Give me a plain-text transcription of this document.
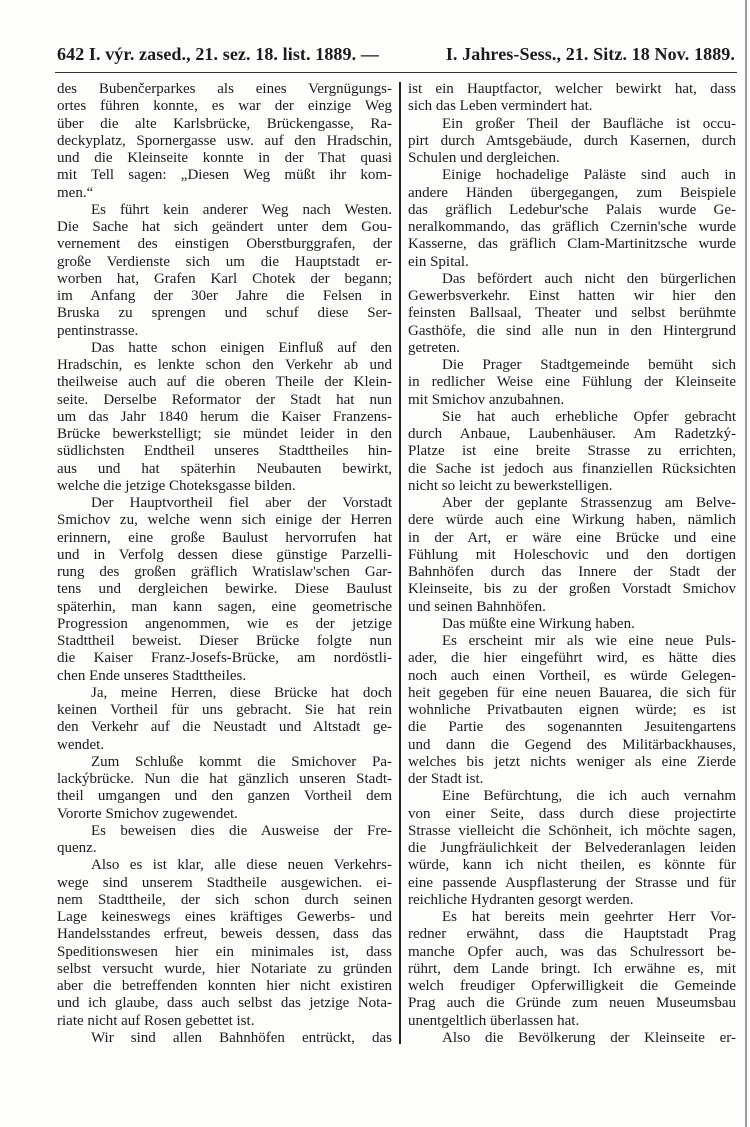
642 I. výr. zased., 21. sez. 18. list. 1889. —	I. Jahres-Sess., 21. Sitz. 18 Nov. 1889.
des Bubenčerparkes als eines Vergnügungs-
ortes führen konnte, es war der einzige Weg
über die alte Karlsbrücke, Brückengasse, Ra-
deckyplatz, Spornergasse usw. auf den Hradschin,
und die Kleinseite konnte in der That quasi
mit Tell sagen: „Diesen Weg müßt ihr kom-
men.“
Es führt kein anderer Weg nach Westen.
Die Sache hat sich geändert unter dem Gou-
vernement des einstigen Oberstburggrafen, der
große Verdienste sich um die Hauptstadt er-
worben hat, Grafen Karl Chotek der begann;
im Anfang der 30er Jahre die Felsen in
Bruska zu sprengen und schuf diese Ser-
pentinstrasse.
Das hatte schon einigen Einfluß auf den
Hradschin, es lenkte schon den Verkehr ab und
theilweise auch auf die oberen Theile der Klein-
seite. Derselbe Reformator der Stadt hat nun
um das Jahr 1840 herum die Kaiser Franzens-
Brücke bewerkstelligt; sie mündet leider in den
südlichsten Endtheil unseres Stadttheiles hin-
aus und hat späterhin Neubauten bewirkt,
welche die jetzige Choteksgasse bilden.
Der Hauptvortheil fiel aber der Vorstadt
Smichov zu, welche wenn sich einige der Herren
erinnern, eine große Baulust hervorrufen hat
und in Verfolg dessen diese günstige Parzelli-
rung des großen gräflich Wratislaw'schen Gar-
tens und dergleichen bewirke. Diese Baulust
späterhin, man kann sagen, eine geometrische
Progression angenommen, wie es der jetzige
Stadttheil beweist. Dieser Brücke folgte nun
die Kaiser Franz-Josefs-Brücke, am nordöstli-
chen Ende unseres Stadttheiles.
Ja, meine Herren, diese Brücke hat doch
keinen Vortheil für uns gebracht. Sie hat rein
den Verkehr auf die Neustadt und Altstadt ge-
wendet.
Zum Schluße kommt die Smichover Pa-
lackýbrücke. Nun die hat gänzlich unseren Stadt-
theil umgangen und den ganzen Vortheil dem
Vororte Smichov zugewendet.
Es beweisen dies die Ausweise der Fre-
quenz.
Also es ist klar, alle diese neuen Verkehrs-
wege sind unserem Stadtheile ausgewichen. ei-
nem Stadttheile, der sich schon durch seinen
Lage keineswegs eines kräftiges Gewerbs- und
Handelsstandes erfreut, beweis dessen, dass das
Speditionswesen hier ein minimales ist, dass
selbst versucht wurde, hier Notariate zu gründen
aber die betreffenden konnten hier nicht existiren
und ich glaube, dass auch selbst das jetzige Nota-
riate nicht auf Rosen gebettet ist.
Wir sind allen Bahnhöfen entrückt, das
ist ein Hauptfactor, welcher bewirkt hat, dass
sich das Leben vermindert hat.
Ein großer Theil der Baufläche ist occu-
pirt durch Amtsgebäude, durch Kasernen, durch
Schulen und dergleichen.
Einige hochadelige Paläste sind auch in
andere Händen übergegangen, zum Beispiele
das gräflich Ledebur'sche Palais wurde Ge-
neralkommando, das gräflich Czernin'sche wurde
Kasserne, das gräflich Clam-Martinitzsche wurde
ein Spital.
Das befördert auch nicht den bürgerlichen
Gewerbsverkehr. Einst hatten wir hier den
feinsten Ballsaal, Theater und selbst berühmte
Gasthöfe, die sind alle nun in den Hintergrund
getreten.
Die Prager Stadtgemeinde bemüht sich
in redlicher Weise eine Fühlung der Kleinseite
mit Smichov anzubahnen.
Sie hat auch erhebliche Opfer gebracht
durch Anbaue, Laubenhäuser. Am Radetzký-
Platze ist eine breite Strasse zu errichten,
die Sache ist jedoch aus finanziellen Rücksichten
nicht so leicht zu bewerkstelligen.
Aber der geplante Strassenzug am Belve-
dere würde auch eine Wirkung haben, nämlich
in der Art, er wäre eine Brücke und eine
Fühlung mit Holeschovic und den dortigen
Bahnhöfen durch das Innere der Stadt der
Kleinseite, bis zu der großen Vorstadt Smichov
und seinen Bahnhöfen.
Das müßte eine Wirkung haben.
Es erscheint mir als wie eine neue Puls-
ader, die hier eingeführt wird, es hätte dies
noch auch einen Vortheil, es würde Gelegen-
heit gegeben für eine neuen Bauarea, die sich für
wohnliche Privatbauten eignen würde; es ist
die Partie des sogenannten Jesuitengartens
und dann die Gegend des Militärbackhauses,
welches bis jetzt nichts weniger als eine Zierde
der Stadt ist.
Eine Befürchtung, die ich auch vernahm
von einer Seite, dass durch diese projectirte
Strasse vielleicht die Schönheit, ich möchte sagen,
die Jungfräulichkeit der Belvederanlagen leiden
würde, kann ich nicht theilen, es könnte für
eine passende Auspflasterung der Strasse und für
reichliche Hydranten gesorgt werden.
Es hat bereits mein geehrter Herr Vor-
redner erwähnt, dass die Hauptstadt Prag
manche Opfer auch, was das Schulressort be-
rührt, dem Lande bringt. Ich erwähne es, mit
welch freudiger Opferwilligkeit die Gemeinde
Prag auch die Gründe zum neuen Museumsbau
unentgeltlich überlassen hat.
Also die Bevölkerung der Kleinseite er-
